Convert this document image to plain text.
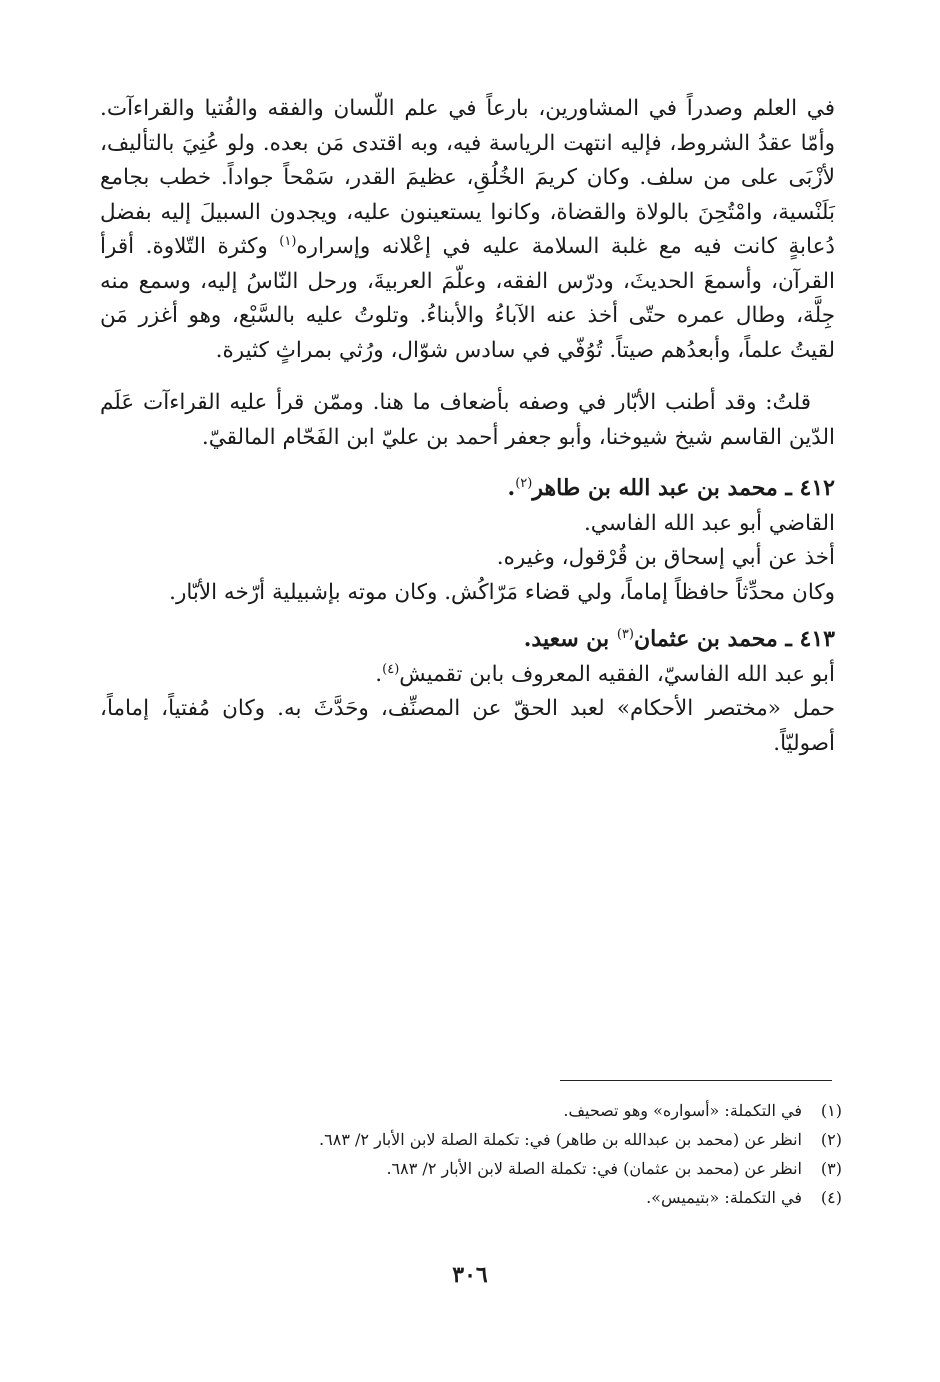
في العلم وصدراً في المشاورين، بارعاً في علم اللّسان والفقه والفُتيا والقراءآت. وأمّا عقدُ الشروط، فإليه انتهت الرياسة فيه، وبه اقتدى مَن بعده. ولو عُنِيَ بالتأليف، لأزْبَى على من سلف. وكان كريمَ الخُلُقِ، عظيمَ القدر، سَمْحاً جواداً. خطب بجامع بَلَنْسية، وامْتُحِنَ بالولاة والقضاة، وكانوا يستعينون عليه، ويجدون السبيلَ إليه بفضل دُعابةٍ كانت فيه مع غلبة السلامة عليه في إعْلانه وإسراره$^{(١)}$ وكثرة التّلاوة. أقرأ القرآن، وأسمعَ الحديثَ، ودرّس الفقه، وعلّمَ العربيةَ، ورحل النّاسُ إليه، وسمع منه جِلَّة، وطال عمره حتّى أخذ عنه الآباءُ والأبناءُ. وتلوتُ عليه بالسَّبْع، وهو أغزر مَن لقيتُ علماً، وأبعدُهم صيتاً. تُوُفّي في سادس شوّال، ورُثي بمراثٍ كثيرة.

قلتُ: وقد أطنب الأبّار في وصفه بأضعاف ما هنا. وممّن قرأ عليه القراءآت عَلَم الدّين القاسم شيخ شيوخنا، وأبو جعفر أحمد بن عليّ ابن الفَحّام المالقيّ.

٤١٢ ـ محمد بن عبد الله بن طاهر$^{(٢)}$.

القاضي أبو عبد الله الفاسي.

أخذ عن أبي إسحاق بن قُرْقول، وغيره.

وكان محدِّثاً حافظاً إماماً، ولي قضاء مَرّاكُش. وكان موته بإشبيلية أرّخه الأبّار.

٤١٣ ـ محمد بن عثمان$^{(٣)}$ بن سعيد.

أبو عبد الله الفاسيّ، الفقيه المعروف بابن تقميش$^{(٤)}$.

حمل «مختصر الأحكام» لعبد الحقّ عن المصنِّف، وحَدَّثَ به. وكان مُفتياً، إماماً، أصوليّاً.

(١)
في التكملة: «أسواره» وهو تصحيف.
(٢)
انظر عن (محمد بن عبدالله بن طاهر) في: تكملة الصلة لابن الأبار ٢/ ٦٨٣.
(٣)
انظر عن (محمد بن عثمان) في: تكملة الصلة لابن الأبار ٢/ ٦٨٣.
(٤)
في التكملة: «بتيميس».
٣٠٦
